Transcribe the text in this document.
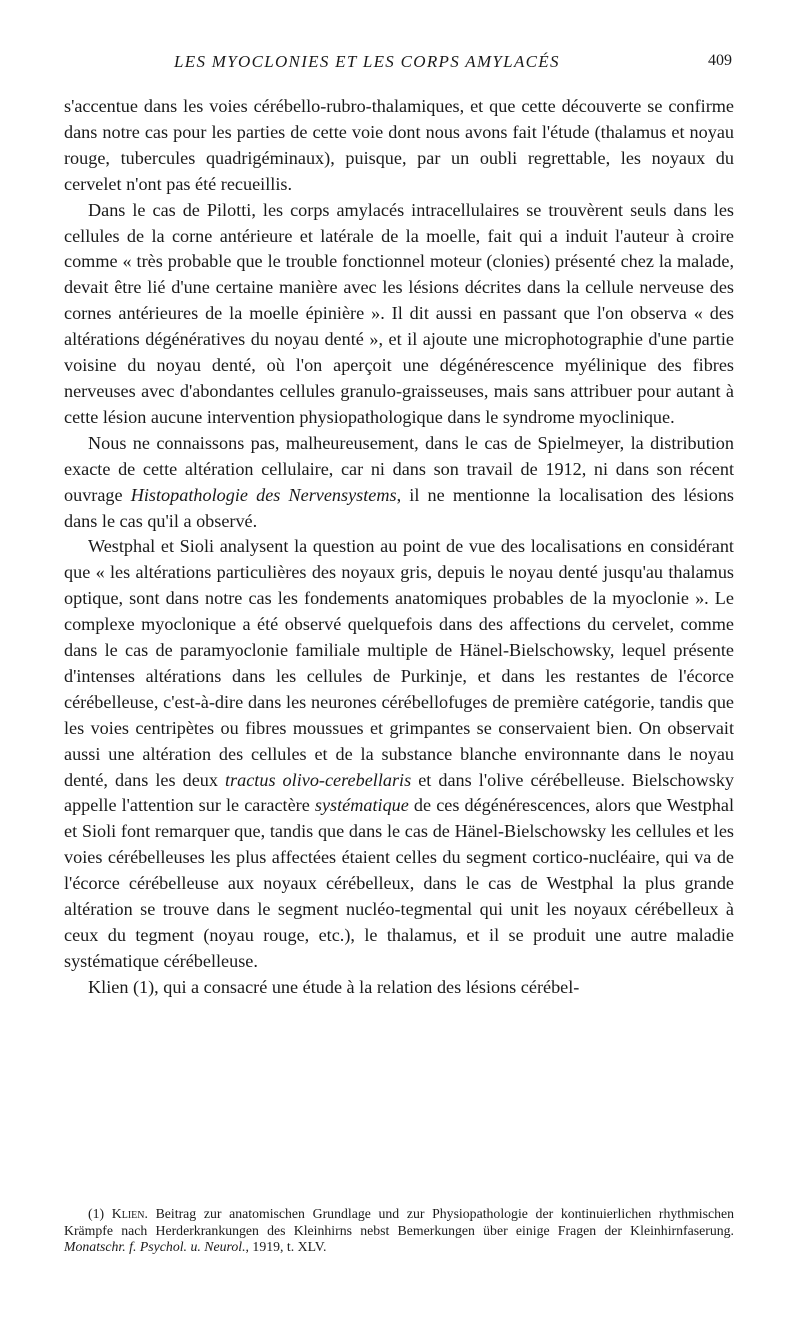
LES MYOCLONIES ET LES CORPS AMYLACÉS	409

s'accentue dans les voies cérébello-rubro-thalamiques, et que cette découverte se confirme dans notre cas pour les parties de cette voie dont nous avons fait l'étude (thalamus et noyau rouge, tubercules quadrigéminaux), puisque, par un oubli regrettable, les noyaux du cervelet n'ont pas été recueillis.

Dans le cas de Pilotti, les corps amylacés intracellulaires se trouvèrent seuls dans les cellules de la corne antérieure et latérale de la moelle, fait qui a induit l'auteur à croire comme « très probable que le trouble fonctionnel moteur (clonies) présenté chez la malade, devait être lié d'une certaine manière avec les lésions décrites dans la cellule nerveuse des cornes antérieures de la moelle épinière ». Il dit aussi en passant que l'on observa « des altérations dégénératives du noyau denté », et il ajoute une microphotographie d'une partie voisine du noyau denté, où l'on aperçoit une dégénérescence myélinique des fibres nerveuses avec d'abondantes cellules granulo-graisseuses, mais sans attribuer pour autant à cette lésion aucune intervention physiopathologique dans le syndrome myoclinique.

Nous ne connaissons pas, malheureusement, dans le cas de Spielmeyer, la distribution exacte de cette altération cellulaire, car ni dans son travail de 1912, ni dans son récent ouvrage Histopathologie des Nervensystems, il ne mentionne la localisation des lésions dans le cas qu'il a observé.

Westphal et Sioli analysent la question au point de vue des localisations en considérant que « les altérations particulières des noyaux gris, depuis le noyau denté jusqu'au thalamus optique, sont dans notre cas les fondements anatomiques probables de la myoclonie ». Le complexe myoclonique a été observé quelquefois dans des affections du cervelet, comme dans le cas de paramyoclonie familiale multiple de Hänel-Bielschowsky, lequel présente d'intenses altérations dans les cellules de Purkinje, et dans les restantes de l'écorce cérébelleuse, c'est-à-dire dans les neurones cérébellofuges de première catégorie, tandis que les voies centripètes ou fibres moussues et grimpantes se conservaient bien. On observait aussi une altération des cellules et de la substance blanche environnante dans le noyau denté, dans les deux tractus olivo-cerebellaris et dans l'olive cérébelleuse. Bielschowsky appelle l'attention sur le caractère systématique de ces dégénérescences, alors que Westphal et Sioli font remarquer que, tandis que dans le cas de Hänel-Bielschowsky les cellules et les voies cérébelleuses les plus affectées étaient celles du segment cortico-nucléaire, qui va de l'écorce cérébelleuse aux noyaux cérébelleux, dans le cas de Westphal la plus grande altération se trouve dans le segment nucléo-tegmental qui unit les noyaux cérébelleux à ceux du tegment (noyau rouge, etc.), le thalamus, et il se produit une autre maladie systématique cérébelleuse.

Klien (1), qui a consacré une étude à la relation des lésions cérébel-

(1) Klien. Beitrag zur anatomischen Grundlage und zur Physiopathologie der kontinuierlichen rhythmischen Krämpfe nach Herderkrankungen des Kleinhirns nebst Bemerkungen über einige Fragen der Kleinhirnfaserung. Monatschr. f. Psychol. u. Neurol., 1919, t. XLV.
